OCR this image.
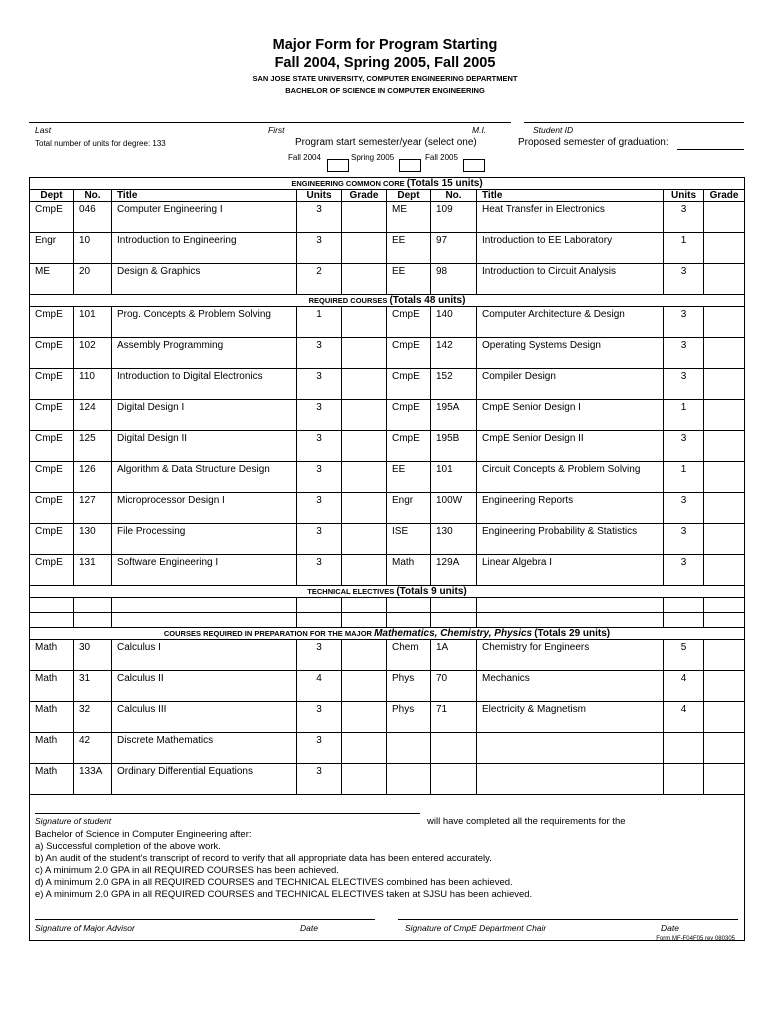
Major Form for Program Starting
Fall 2004, Spring 2005, Fall 2005
SAN JOSE STATE UNIVERSITY, COMPUTER ENGINEERING DEPARTMENT
BACHELOR OF SCIENCE IN COMPUTER ENGINEERING
Last	First	M.I.	Student ID
Total number of units for degree: 133	Program start semester/year (select one)	Proposed semester of graduation:
Fall 2004	Spring 2005	Fall 2005
ENGINEERING COMMON CORE (Totals 15 units)									
Dept	No.	Title	Units	Grade	Dept	No.	Title	Units	Grade
CmpE	046	Computer Engineering I	3		ME	109	Heat Transfer in Electronics	3	
Engr	10	Introduction to Engineering	3		EE	97	Introduction to EE Laboratory	1	
ME	20	Design & Graphics	2		EE	98	Introduction to Circuit Analysis	3	
REQUIRED COURSES (Totals 48 units)									
CmpE	101	Prog. Concepts & Problem Solving	1		CmpE	140	Computer Architecture & Design	3	
CmpE	102	Assembly Programming	3		CmpE	142	Operating Systems Design	3	
CmpE	110	Introduction to Digital Electronics	3		CmpE	152	Compiler Design	3	
CmpE	124	Digital Design I	3		CmpE	195A	CmpE Senior Design I	1	
CmpE	125	Digital Design II	3		CmpE	195B	CmpE Senior Design II	3	
CmpE	126	Algorithm & Data Structure Design	3		EE	101	Circuit Concepts & Problem Solving	1	
CmpE	127	Microprocessor Design I	3		Engr	100W	Engineering Reports	3	
CmpE	130	File Processing	3		ISE	130	Engineering Probability & Statistics	3	
CmpE	131	Software Engineering I	3		Math	129A	Linear Algebra I	3	
TECHNICAL ELECTIVES (Totals 9 units)									

COURSES REQUIRED IN PREPARATION FOR THE MAJOR Mathematics, Chemistry, Physics (Totals 29 units)									
Math	30	Calculus I	3		Chem	1A	Chemistry for Engineers	5	
Math	31	Calculus II	4		Phys	70	Mechanics	4	
Math	32	Calculus III	3		Phys	71	Electricity & Magnetism	4	
Math	42	Discrete Mathematics	3						
Math	133A	Ordinary Differential Equations	3						

Signature of student	will have completed all the requirements for the
Bachelor of Science in Computer Engineering after:
a) Successful completion of the above work.
b) An audit of the student's transcript of record to verify that all appropriate data has been entered accurately.
c) A minimum 2.0 GPA in all REQUIRED COURSES has been achieved.
d) A minimum 2.0 GPA in all REQUIRED COURSES and TECHNICAL ELECTIVES combined has been achieved.
e) A minimum 2.0 GPA in all REQUIRED COURSES and TECHNICAL ELECTIVES taken at SJSU has been achieved.
Signature of Major Advisor	Date	Signature of CmpE Department Chair	Date
Form MF-F04F05 rev 080305
